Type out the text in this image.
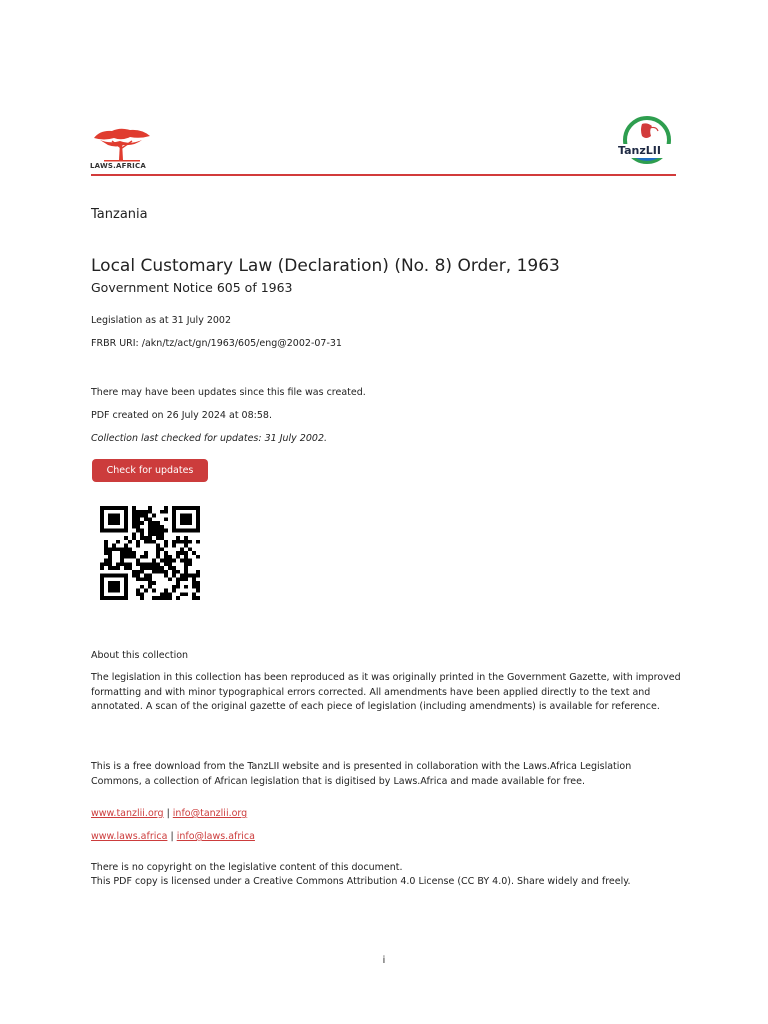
LAWS.AFRICA
TanzLII
Tanzania
Local Customary Law (Declaration) (No. 8) Order, 1963
Government Notice 605 of 1963
Legislation as at 31 July 2002
FRBR URI: /akn/tz/act/gn/1963/605/eng@2002-07-31
There may have been updates since this file was created.
PDF created on 26 July 2024 at 08:58.
Collection last checked for updates: 31 July 2002.
Check for updates
About this collection
The legislation in this collection has been reproduced as it was originally printed in the Government Gazette, with improved formatting and with minor typographical errors corrected. All amendments have been applied directly to the text and annotated. A scan of the original gazette of each piece of legislation (including amendments) is available for reference.
This is a free download from the TanzLII website and is presented in collaboration with the Laws.Africa Legislation Commons, a collection of African legislation that is digitised by Laws.Africa and made available for free.
www.tanzlii.org | info@tanzlii.org
www.laws.africa | info@laws.africa
There is no copyright on the legislative content of this document.
This PDF copy is licensed under a Creative Commons Attribution 4.0 License (CC BY 4.0). Share widely and freely.
i
